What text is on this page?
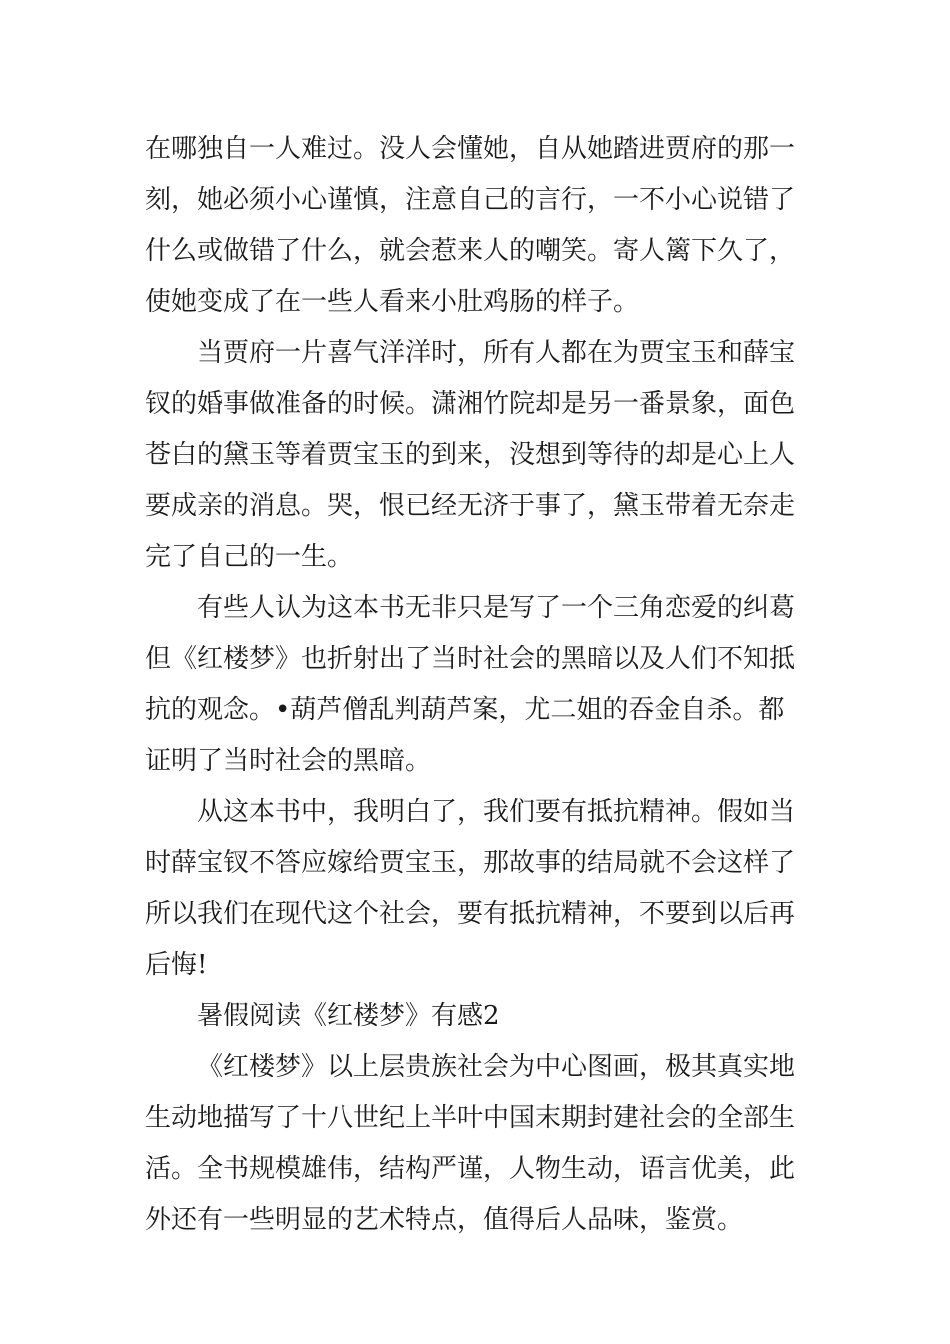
在哪独自一人难过。没人会懂她，自从她踏进贾府的那一
刻，她必须小心谨慎，注意自己的言行，一不小心说错了
什么或做错了什么，就会惹来人的嘲笑。寄人篱下久了，
使她变成了在一些人看来小肚鸡肠的样子。
当贾府一片喜气洋洋时，所有人都在为贾宝玉和薛宝
钗的婚事做准备的时候。潇湘竹院却是另一番景象，面色
苍白的黛玉等着贾宝玉的到来，没想到等待的却是心上人
要成亲的消息。哭，恨已经无济于事了，黛玉带着无奈走
完了自己的一生。
有些人认为这本书无非只是写了一个三角恋爱的纠葛
但《红楼梦》也折射出了当时社会的黑暗以及人们不知抵
抗的观念。•葫芦僧乱判葫芦案，尤二姐的吞金自杀。都
证明了当时社会的黑暗。
从这本书中，我明白了，我们要有抵抗精神。假如当
时薛宝钗不答应嫁给贾宝玉，那故事的结局就不会这样了
所以我们在现代这个社会，要有抵抗精神，不要到以后再
后悔!
暑假阅读《红楼梦》有感2
《红楼梦》以上层贵族社会为中心图画，极其真实地
生动地描写了十八世纪上半叶中国末期封建社会的全部生
活。全书规模雄伟，结构严谨，人物生动，语言优美，此
外还有一些明显的艺术特点，值得后人品味，鉴赏。
